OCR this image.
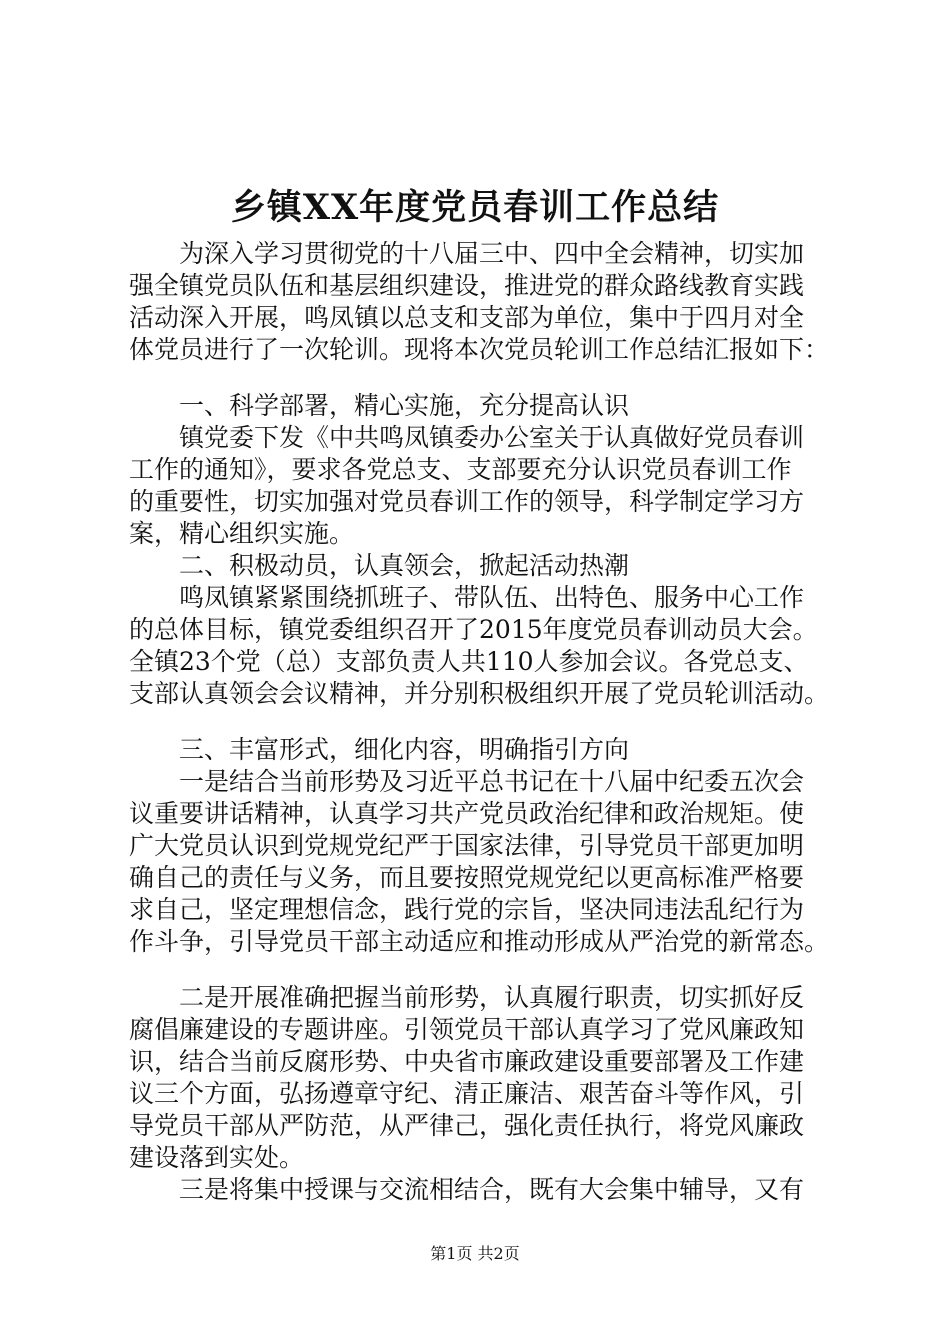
乡镇XX年度党员春训工作总结

　　为深入学习贯彻党的十八届三中、四中全会精神，切实加

强全镇党员队伍和基层组织建设，推进党的群众路线教育实践

活动深入开展，鸣凤镇以总支和支部为单位，集中于四月对全

体党员进行了一次轮训。现将本次党员轮训工作总结汇报如下：

　　一、科学部署，精心实施，充分提高认识

　　镇党委下发《中共鸣凤镇委办公室关于认真做好党员春训

工作的通知》，要求各党总支、支部要充分认识党员春训工作

的重要性，切实加强对党员春训工作的领导，科学制定学习方

案，精心组织实施。

　　二、积极动员，认真领会，掀起活动热潮

　　鸣凤镇紧紧围绕抓班子、带队伍、出特色、服务中心工作

的总体目标，镇党委组织召开了2015年度党员春训动员大会。

全镇23个党（总）支部负责人共110人参加会议。各党总支、

支部认真领会会议精神，并分别积极组织开展了党员轮训活动。

　　三、丰富形式，细化内容，明确指引方向

　　一是结合当前形势及习近平总书记在十八届中纪委五次会

议重要讲话精神，认真学习共产党员政治纪律和政治规矩。使

广大党员认识到党规党纪严于国家法律，引导党员干部更加明

确自己的责任与义务，而且要按照党规党纪以更高标准严格要

求自己，坚定理想信念，践行党的宗旨，坚决同违法乱纪行为

作斗争，引导党员干部主动适应和推动形成从严治党的新常态。

　　二是开展准确把握当前形势，认真履行职责，切实抓好反

腐倡廉建设的专题讲座。引领党员干部认真学习了党风廉政知

识，结合当前反腐形势、中央省市廉政建设重要部署及工作建

议三个方面，弘扬遵章守纪、清正廉洁、艰苦奋斗等作风，引

导党员干部从严防范，从严律己，强化责任执行，将党风廉政

建设落到实处。

　　三是将集中授课与交流相结合，既有大会集中辅导，又有

第1页 共2页
